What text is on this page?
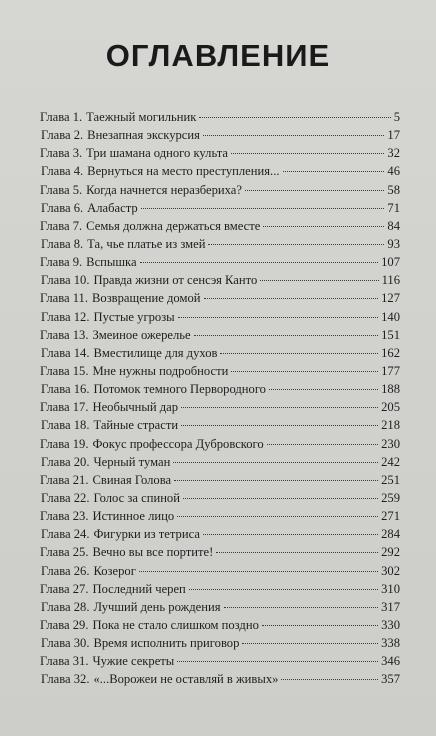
ОГЛАВЛЕНИЕ
Глава 1. Таежный могильник	5
Глава 2. Внезапная экскурсия	17
Глава 3. Три шамана одного культа	32
Глава 4. Вернуться на место преступления...	46
Глава 5. Когда начнется неразбериха?	58
Глава 6. Алабастр	71
Глава 7. Семья должна держаться вместе	84
Глава 8. Та, чье платье из змей	93
Глава 9. Вспышка	107
Глава 10. Правда жизни от сенсэя Канто	116
Глава 11. Возвращение домой	127
Глава 12. Пустые угрозы	140
Глава 13. Змеиное ожерелье	151
Глава 14. Вместилище для духов	162
Глава 15. Мне нужны подробности	177
Глава 16. Потомок темного Первородного	188
Глава 17. Необычный дар	205
Глава 18. Тайные страсти	218
Глава 19. Фокус профессора Дубровского	230
Глава 20. Черный туман	242
Глава 21. Свиная Голова	251
Глава 22. Голос за спиной	259
Глава 23. Истинное лицо	271
Глава 24. Фигурки из тетриса	284
Глава 25. Вечно вы все портите!	292
Глава 26. Козерог	302
Глава 27. Последний череп	310
Глава 28. Лучший день рождения	317
Глава 29. Пока не стало слишком поздно	330
Глава 30. Время исполнить приговор	338
Глава 31. Чужие секреты	346
Глава 32. «...Ворожеи не оставляй в живых»	357
